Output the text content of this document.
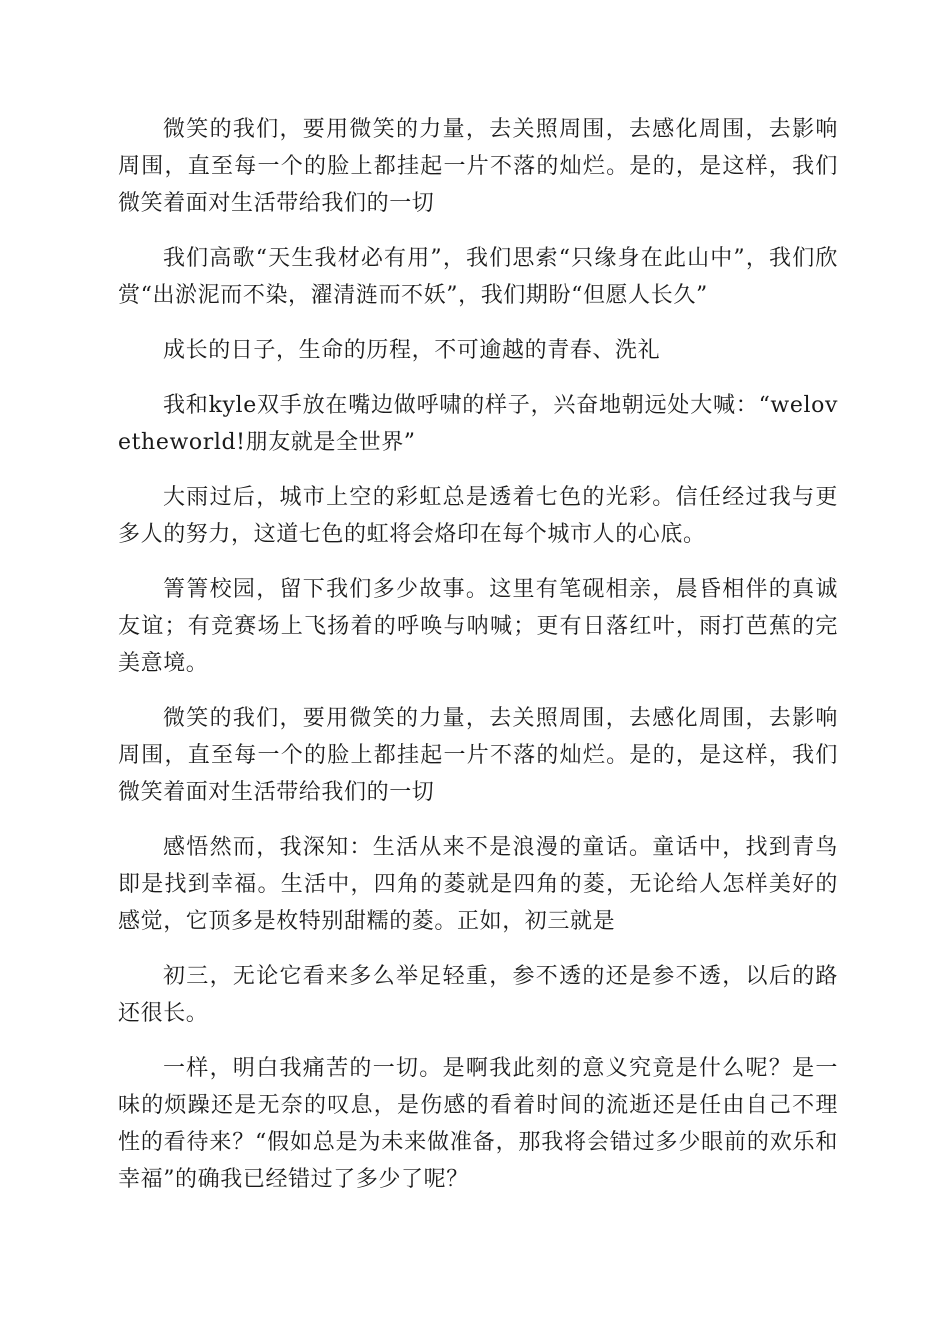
微笑的我们，要用微笑的力量，去关照周围，去感化周围，去影响周围，直至每一个的脸上都挂起一片不落的灿烂。是的，是这样，我们微笑着面对生活带给我们的一切

我们高歌“天生我材必有用”，我们思索“只缘身在此山中”，我们欣赏“出淤泥而不染，濯清涟而不妖”，我们期盼“但愿人长久”

成长的日子，生命的历程，不可逾越的青春、洗礼

我和kyle双手放在嘴边做呼啸的样子，兴奋地朝远处大喊：“welovetheworld!朋友就是全世界”

大雨过后，城市上空的彩虹总是透着七色的光彩。信任经过我与更多人的努力，这道七色的虹将会烙印在每个城市人的心底。

箐箐校园，留下我们多少故事。这里有笔砚相亲，晨昏相伴的真诚友谊；有竞赛场上飞扬着的呼唤与呐喊；更有日落红叶，雨打芭蕉的完美意境。

微笑的我们，要用微笑的力量，去关照周围，去感化周围，去影响周围，直至每一个的脸上都挂起一片不落的灿烂。是的，是这样，我们微笑着面对生活带给我们的一切

感悟然而，我深知：生活从来不是浪漫的童话。童话中，找到青鸟即是找到幸福。生活中，四角的菱就是四角的菱，无论给人怎样美好的感觉，它顶多是枚特别甜糯的菱。正如，初三就是

初三，无论它看来多么举足轻重，参不透的还是参不透，以后的路还很长。

一样，明白我痛苦的一切。是啊我此刻的意义究竟是什么呢？是一味的烦躁还是无奈的叹息，是伤感的看着时间的流逝还是任由自己不理性的看待来？“假如总是为未来做准备，那我将会错过多少眼前的欢乐和幸福”的确我已经错过了多少了呢？
